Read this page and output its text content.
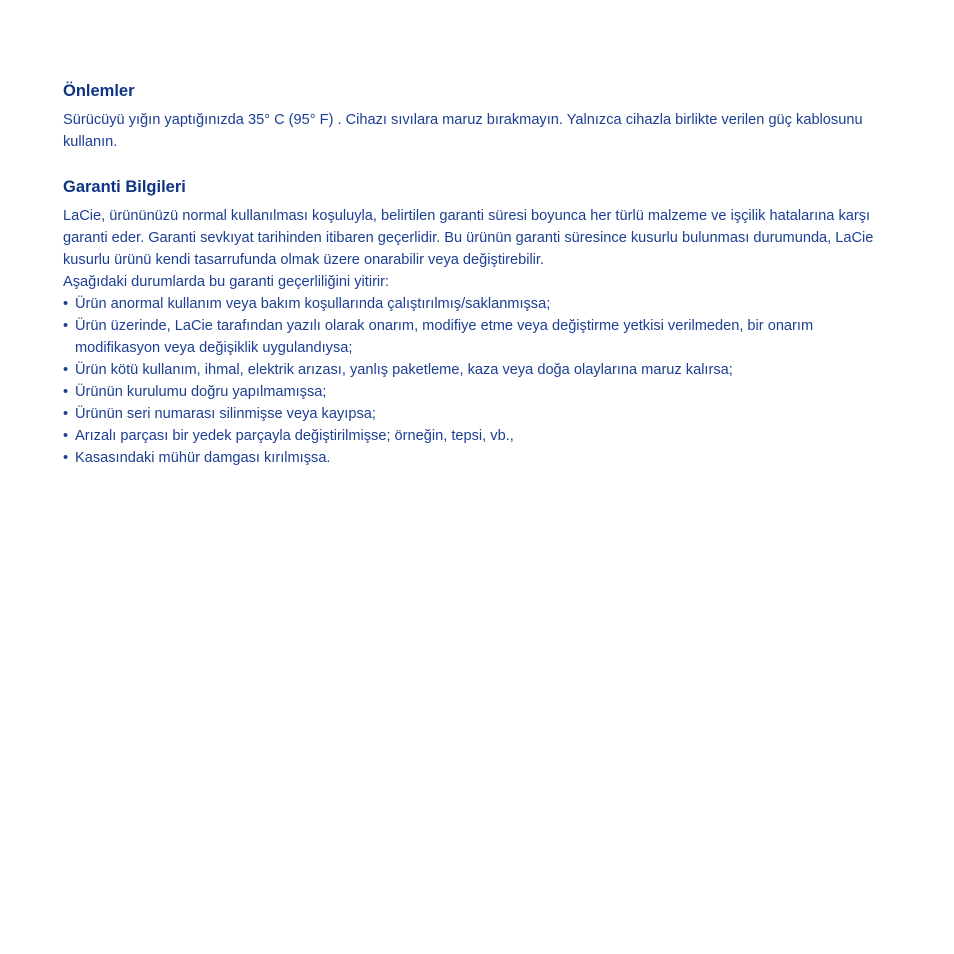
Önlemler

Sürücüyü yığın yaptığınızda 35° C (95° F) . Cihazı sıvılara maruz bırakmayın. Yalnızca cihazla birlikte verilen güç kablosunu kullanın.

Garanti Bilgileri

LaCie, ürününüzü normal kullanılması koşuluyla, belirtilen garanti süresi boyunca her türlü malzeme ve işçilik hatalarına karşı garanti eder. Garanti sevkıyat tarihinden itibaren geçerlidir. Bu ürünün garanti süresince kusurlu bulunması durumunda, LaCie kusurlu ürünü kendi tasarrufunda olmak üzere onarabilir veya değiştirebilir.

Aşağıdaki durumlarda bu garanti geçerliliğini yitirir:

• Ürün anormal kullanım veya bakım koşullarında çalıştırılmış/saklanmışsa;
• Ürün üzerinde, LaCie tarafından yazılı olarak onarım, modifiye etme veya değiştirme yetkisi verilmeden, bir onarım modifikasyon veya değişiklik uygulandıysa;
• Ürün kötü kullanım, ihmal, elektrik arızası, yanlış paketleme, kaza veya doğa olaylarına maruz kalırsa;
• Ürünün kurulumu doğru yapılmamışsa;
• Ürünün seri numarası silinmişse veya kayıpsa;
• Arızalı parçası bir yedek parçayla değiştirilmişse; örneğin, tepsi, vb.,
• Kasasındaki mühür damgası kırılmışsa.
